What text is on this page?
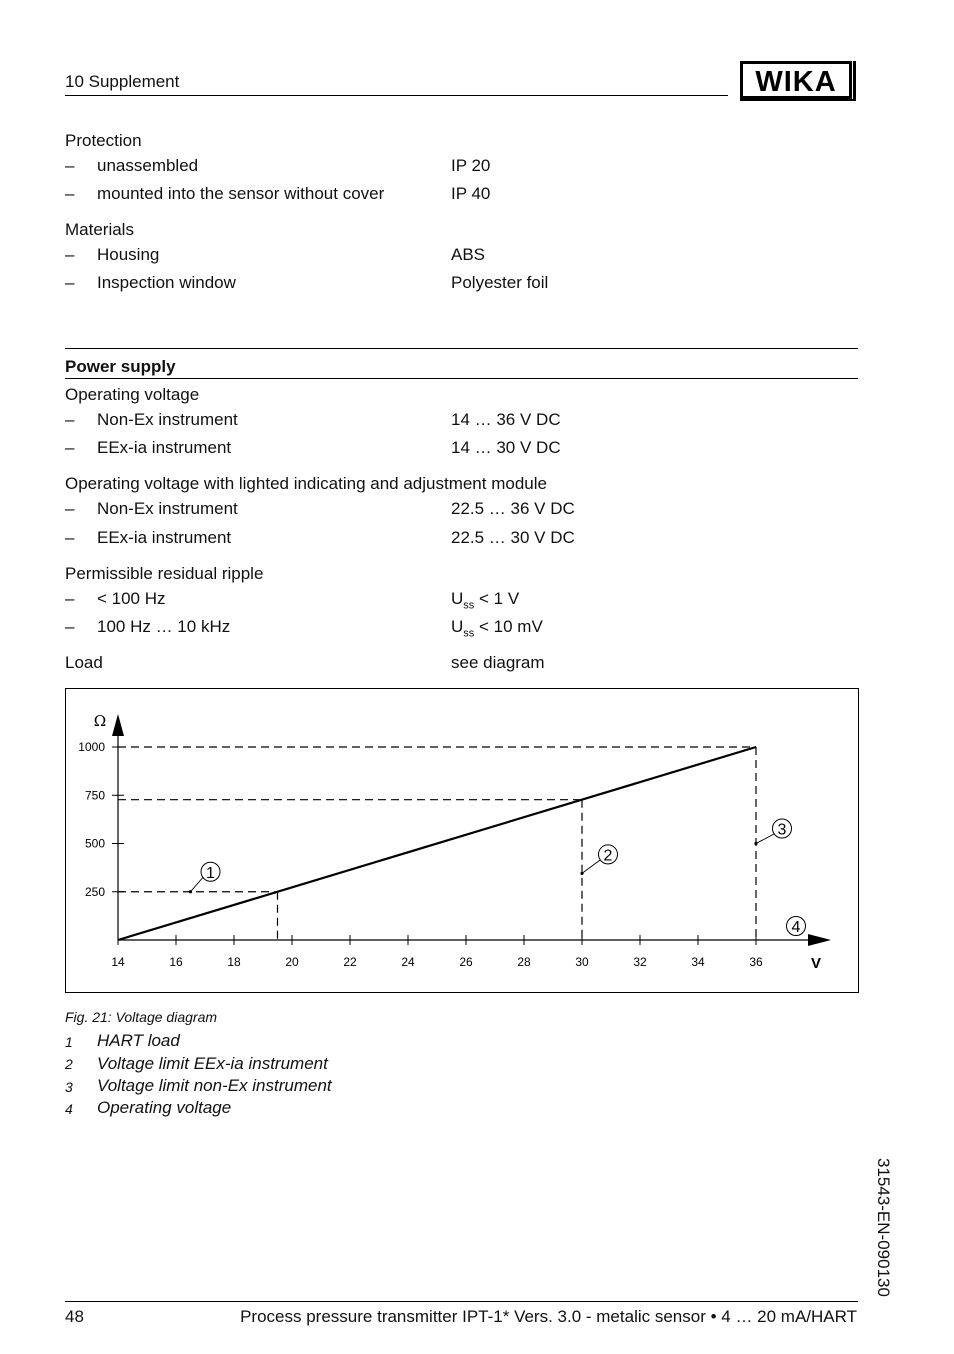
10 Supplement	WIKA
Protection
– unassembled	IP 20
– mounted into the sensor without cover	IP 40
Materials
– Housing	ABS
– Inspection window	Polyester foil
Power supply
Operating voltage
– Non-Ex instrument	14 … 36 V DC
– EEx-ia instrument	14 … 30 V DC
Operating voltage with lighted indicating and adjustment module
– Non-Ex instrument	22.5 … 36 V DC
– EEx-ia instrument	22.5 … 30 V DC
Permissible residual ripple
– < 100 Hz	$U_{ss} < 1$ V
– 100 Hz … 10 kHz	$U_{ss} < 10$ mV
Load	see diagram
Ω
V
14	16	18	20	22	24	26	28	30	32	34	36
250
500
750
1000
1
2
3
4
Fig. 21: Voltage diagram
1 HART load
2 Voltage limit EEx-ia instrument
3 Voltage limit non-Ex instrument
4 Operating voltage
31543-EN-090130
48	Process pressure transmitter IPT-1* Vers. 3.0 - metalic sensor • 4 … 20 mA/HART
